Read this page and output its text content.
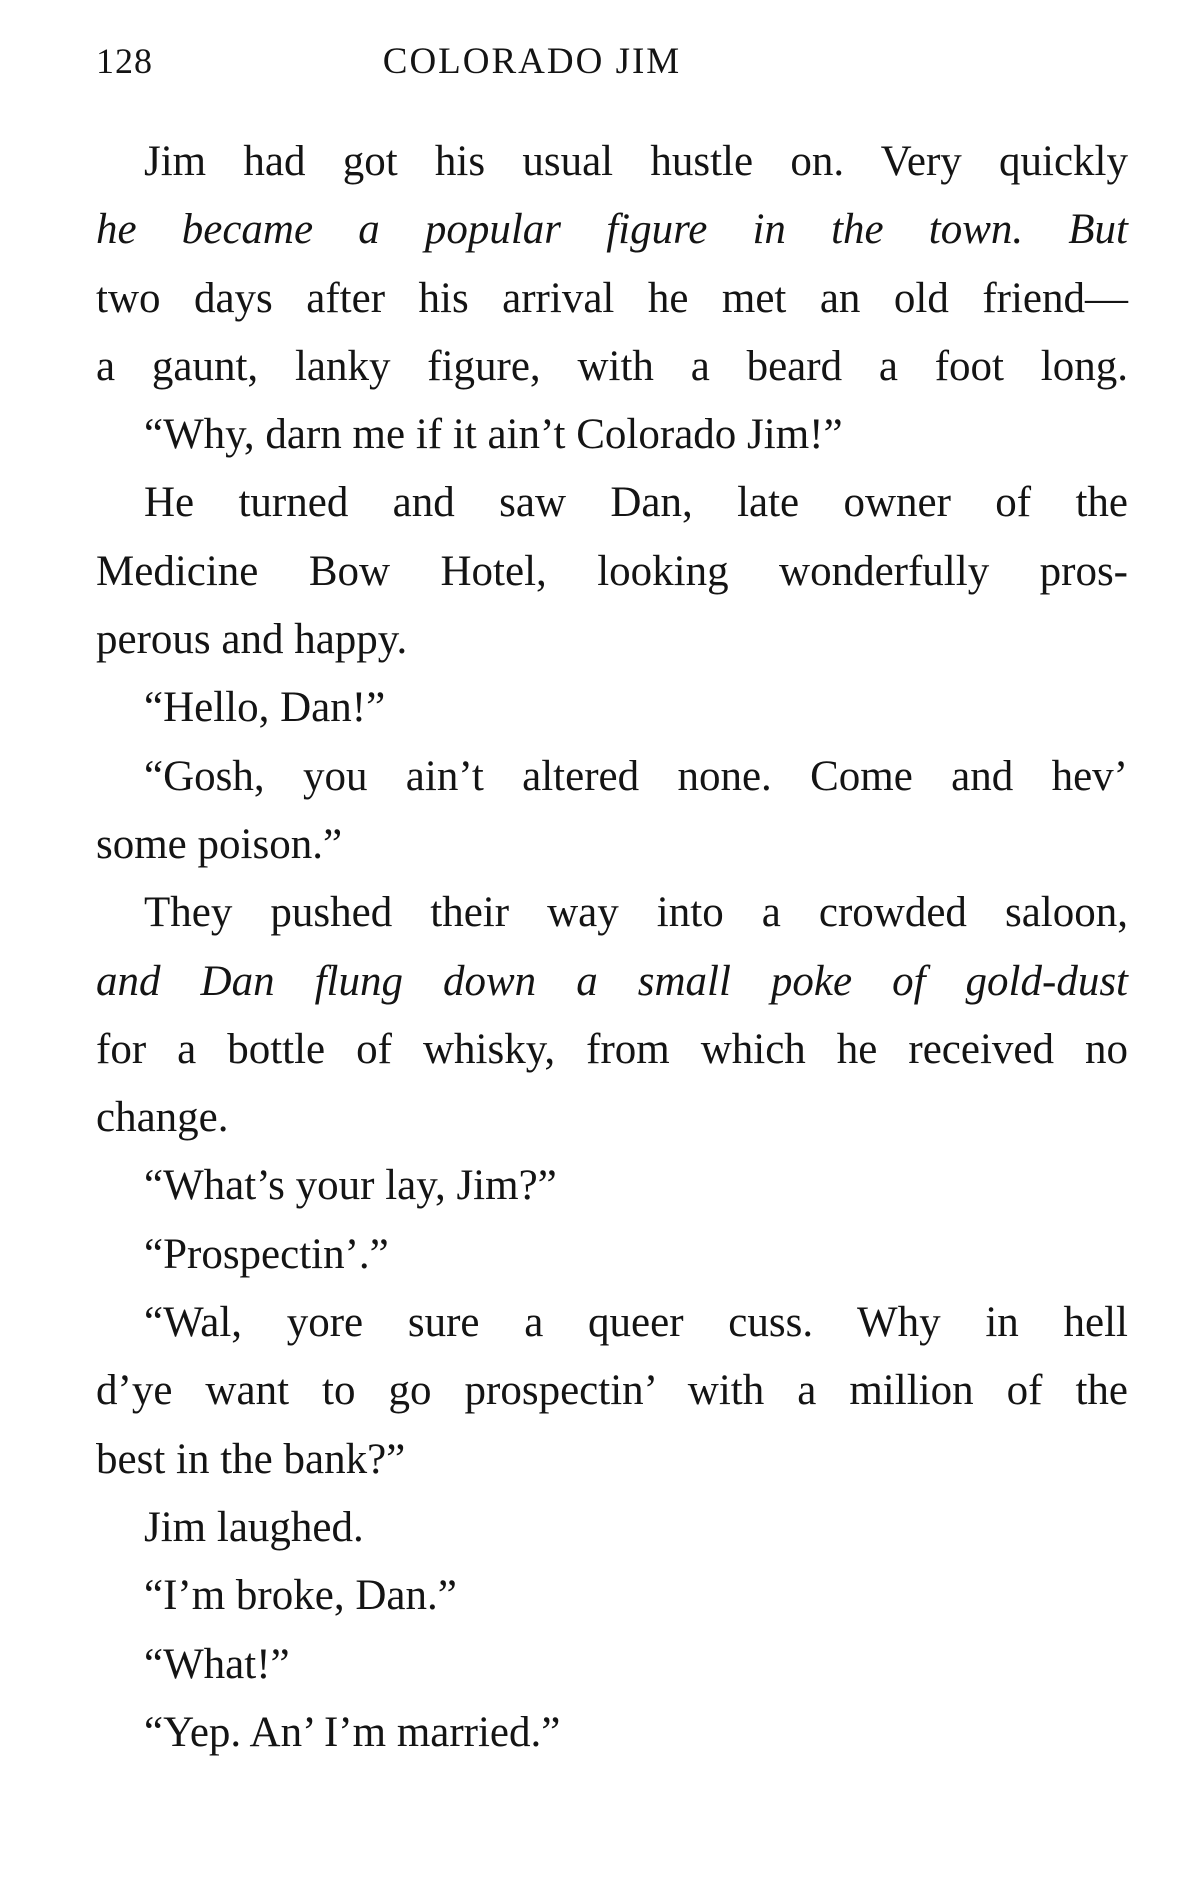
128	COLORADO JIM
Jim had got his usual hustle on. Very quickly
he became a popular figure in the town. But
two days after his arrival he met an old friend—
a gaunt, lanky figure, with a beard a foot long.
“Why, darn me if it ain’t Colorado Jim!”
He turned and saw Dan, late owner of the
Medicine Bow Hotel, looking wonderfully pros-
perous and happy.
“Hello, Dan!”
“Gosh, you ain’t altered none. Come and hev’
some poison.”
They pushed their way into a crowded saloon,
and Dan flung down a small poke of gold-dust
for a bottle of whisky, from which he received no
change.
“What’s your lay, Jim?”
“Prospectin’.”
“Wal, yore sure a queer cuss. Why in hell
d’ye want to go prospectin’ with a million of the
best in the bank?”
Jim laughed.
“I’m broke, Dan.”
“What!”
“Yep. An’ I’m married.”
